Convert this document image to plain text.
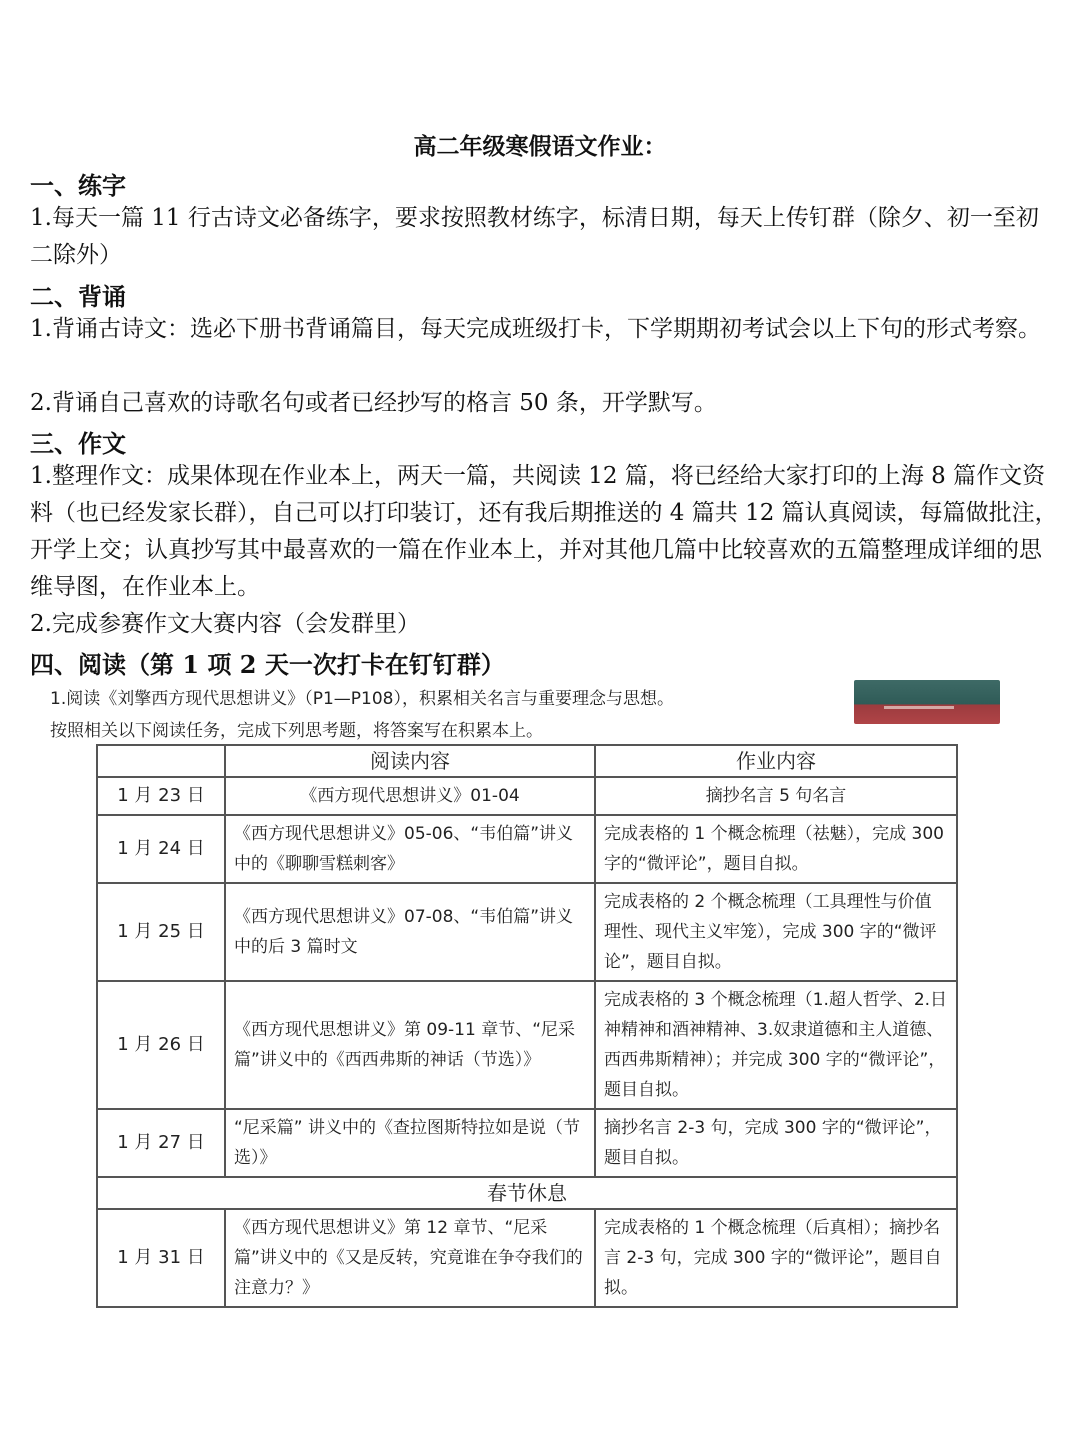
高二年级寒假语文作业：
一、练字
1.每天一篇 11 行古诗文必备练字，要求按照教材练字，标清日期，每天上传钉群（除夕、初一至初二除外）
二、背诵
1.背诵古诗文：选必下册书背诵篇目，每天完成班级打卡，下学期期初考试会以上下句的形式考察。
2.背诵自己喜欢的诗歌名句或者已经抄写的格言 50 条，开学默写。
三、作文
1.整理作文：成果体现在作业本上，两天一篇，共阅读 12 篇，将已经给大家打印的上海 8 篇作文资料（也已经发家长群），自己可以打印装订，还有我后期推送的 4 篇共 12 篇认真阅读，每篇做批注，开学上交；认真抄写其中最喜欢的一篇在作业本上，并对其他几篇中比较喜欢的五篇整理成详细的思维导图，在作业本上。
2.完成参赛作文大赛内容（会发群里）
四、阅读（第 1 项 2 天一次打卡在钉钉群）
1.阅读《刘擎西方现代思想讲义》（P1—P108），积累相关名言与重要理念与思想。
按照相关以下阅读任务，完成下列思考题，将答案写在积累本上。
	阅读内容	作业内容
1 月 23 日	《西方现代思想讲义》01-04	摘抄名言 5 句名言
1 月 24 日	《西方现代思想讲义》05-06、“韦伯篇”讲义中的《聊聊雪糕刺客》	完成表格的 1 个概念梳理（祛魅），完成 300 字的“微评论”，题目自拟。
1 月 25 日	《西方现代思想讲义》07-08、“韦伯篇”讲义中的后 3 篇时文	完成表格的 2 个概念梳理（工具理性与价值理性、现代主义牢笼），完成 300 字的“微评论”，题目自拟。
1 月 26 日	《西方现代思想讲义》第 09-11 章节、“尼采篇”讲义中的《西西弗斯的神话（节选）》	完成表格的 3 个概念梳理（1.超人哲学、2.日神精神和酒神精神、3.奴隶道德和主人道德、西西弗斯精神）；并完成 300 字的“微评论”，题目自拟。
1 月 27 日	“尼采篇” 讲义中的《查拉图斯特拉如是说（节选）》	摘抄名言 2-3 句，完成 300 字的“微评论”，题目自拟。
春节休息		
1 月 31 日	《西方现代思想讲义》第 12 章节、“尼采篇”讲义中的《又是反转，究竟谁在争夺我们的注意力？》	完成表格的 1 个概念梳理（后真相）；摘抄名言 2-3 句，完成 300 字的“微评论”，题目自拟。
